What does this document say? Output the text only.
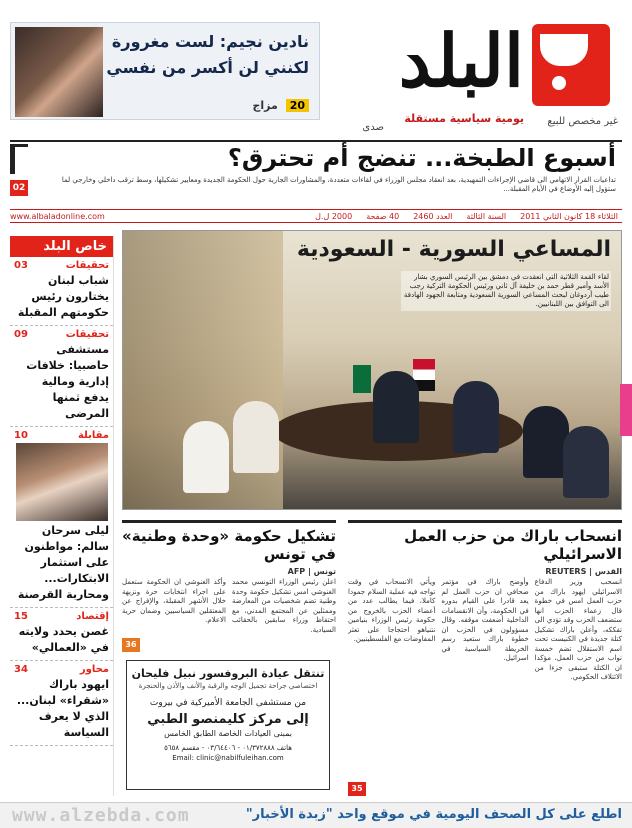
البلد
يومية سياسية مستقلة غير مخصص للبيع
صدى
نادين نجيم: لست مغرورة
لكنني لن أكسر من نفسي
20 مزاج
02
أسبوع الطبخة... تنضج أم تحترق؟
تداعيات القرار الاتهامي الى قاضي الإجراءات التمهيدية، بعد انعقاد مجلس الوزراء في لقاءات متعددة، والمشاورات الجارية حول الحكومة الجديدة ومعايير تشكيلها، وسط ترقب داخلي وخارجي لما ستؤول إليه الأوضاع في الأيام المقبلة...
الثلاثاء 18 كانون الثاني 2011
السنة الثالثة
العدد 2460
40 صفحة
2000 ل.ل
www.albaladonline.com
خاص البلد
تحقيقات
03
شباب لبنان يختارون رئيس حكومتهم المقبلة
تحقيقات
09
مستشفى حاصبيا: خلافات إدارية ومالية يدفع ثمنها المرضى
مقابلة
10
ليلى سرحان سالم: مواطنون على استثمار الابتكارات... ومحاربة القرصنة
إقتصاد
15
غصن يحدد ولايته في «العمالي»
محاور
34
ايهود باراك «شقراء» لبنان... الذي لا يعرف السياسة
المساعي السورية - السعودية
لقاء القمة الثلاثية التي انعقدت في دمشق بين الرئيس السوري بشار الأسد وأمير قطر حمد بن خليفة آل ثاني ورئيس الحكومة التركية رجب طيب أردوغان لبحث المساعي السورية السعودية ومتابعة الجهود الهادفة الى التوافق بين اللبنانيين.
انسحاب باراك من حزب العمل الاسرائيلي
القدس | REUTERS
انسحب وزير الدفاع الاسرائيلي ايهود باراك من حزب العمل امس في خطوة قال زعماء الحزب انها ستضعف الحزب وقد تؤدي الى تفككه، وأعلن باراك تشكيل كتلة جديدة في الكنيست تحت اسم الاستقلال تضم خمسة نواب من حزب العمل، مؤكدا ان الكتلة ستبقى جزءا من الائتلاف الحكومي.
وأوضح باراك في مؤتمر صحافي ان حزب العمل لم يعد قادرا على القيام بدوره في الحكومة، وأن الانقسامات الداخلية أضعفت موقفه. وقال مسؤولون في الحزب ان خطوة باراك ستعيد رسم الخريطة السياسية في اسرائيل.
ويأتي الانسحاب في وقت تواجه فيه عملية السلام جمودا كاملا، فيما يطالب عدد من أعضاء الحزب بالخروج من حكومة رئيس الوزراء بنيامين نتنياهو احتجاجا على تعثر المفاوضات مع الفلسطينيين.
35
تشكيل حكومة «وحدة وطنية» في تونس
تونس | AFP
اعلن رئيس الوزراء التونسي محمد الغنوشي امس تشكيل حكومة وحدة وطنية تضم شخصيات من المعارضة وممثلين عن المجتمع المدني، مع احتفاظ وزراء سابقين بالحقائب السيادية.
وأكد الغنوشي ان الحكومة ستعمل على اجراء انتخابات حرة ونزيهة خلال الأشهر المقبلة، والإفراج عن المعتقلين السياسيين وضمان حرية الاعلام.
36
تنتقل عيادة البروفسور نبيل فليحان
اختصاصي جراحة تجميل الوجه والرقبة والأنف والأذن والحنجرة
من مستشفى الجامعة الأميركية في بيروت
إلى مركز كليمنصو الطبي
بمبنى العيادات الخاصة الطابق الخامس
هاتف ٠١/٣٧٢٨٨٨ - ٠٣/٦٤٤٠٦ - مقسم ٥٦٥٨
Email: clinic@nabilfuleihan.com
www.alzebda.com	اطلع على كل الصحف اليومية في موقع واحد "زبدة الأخبار"
